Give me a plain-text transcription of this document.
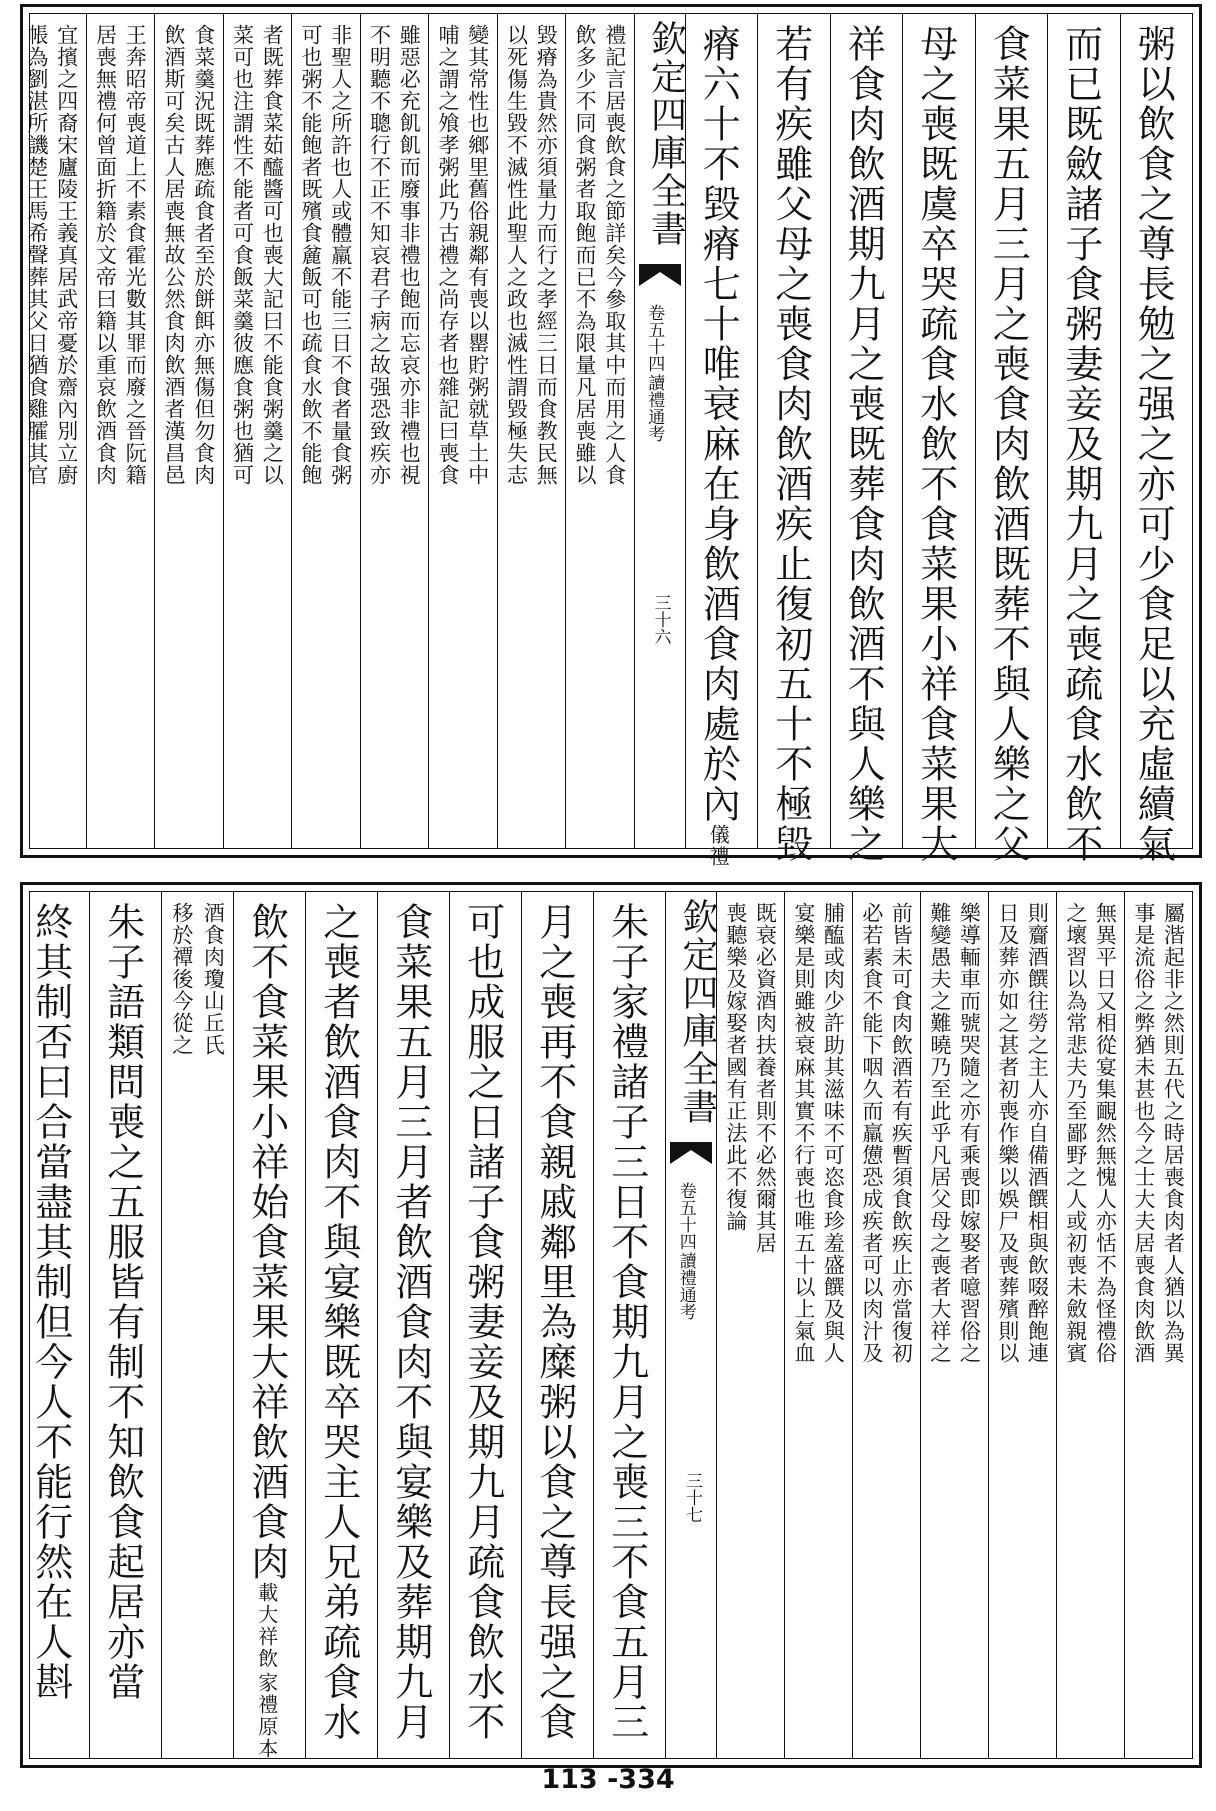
粥以飲食之尊長勉之强之亦可少食足以充虛續氣
而已既斂諸子食粥妻妾及期九月之喪疏食水飲不
食菜果五月三月之喪食肉飲酒既葬不與人樂之父
母之喪既虞卒哭疏食水飲不食菜果小祥食菜果大
祥食肉飲酒期九月之喪既葬食肉飲酒不與人樂之
若有疾雖父母之喪食肉飲酒疾止復初五十不極毀
瘠六十不毀瘠七十唯衰麻在身飲酒食肉處於內
儀禮
欽定四庫全書
讀禮通考
卷五十四
三十六
禮記言居喪飲食之節詳矣今參取其中而用之人食
飲多少不同食粥者取飽而已不為限量凡居喪雖以
毀瘠為貴然亦須量力而行之孝經三日而食教民無
以死傷生毀不滅性此聖人之政也滅性謂毀極失志
變其常性也鄉里舊俗親鄰有喪以罌貯粥就草土中
哺之謂之飧孝粥此乃古禮之尚存者也雜記曰喪食
雖惡必充飢飢而廢事非禮也飽而忘哀亦非禮也視
不明聽不聰行不正不知哀君子病之故强恐致疾亦
非聖人之所許也人或體羸不能三日不食者量食粥
可也粥不能飽者既殯食麄飯可也疏食水飲不能飽
者既葬食菜茹醯醬可也喪大記曰不能食粥羹之以
菜可也注謂性不能者可食飯菜羹彼應食粥也猶可
食菜羹況既葬應疏食者至於餅餌亦無傷但勿食肉
飲酒斯可矣古人居喪無故公然食肉飲酒者漢昌邑
王奔昭帝喪道上不素食霍光數其罪而廢之晉阮籍
居喪無禮何曾面折籍於文帝曰籍以重哀飲酒食肉
宜擯之四裔宋廬陵王義真居武帝憂於齋內別立廚
帳為劉湛所譏楚王馬希聲葬其父日猶食雞臛其官
屬湝起非之然則五代之時居喪食肉者人猶以為異
事是流俗之弊猶未甚也今之士大夫居喪食肉飲酒
無異平日又相從宴集靦然無愧人亦恬不為怪禮俗
之壞習以為常悲夫乃至鄙野之人或初喪未斂親賓
則齎酒饌往勞之主人亦自備酒饌相與飲啜醉飽連
日及葬亦如之甚者初喪作樂以娛尸及喪葬殯則以
樂導輀車而號哭隨之亦有乘喪即嫁娶者噫習俗之
難變愚夫之難曉乃至此乎凡居父母之喪者大祥之
前皆未可食肉飲酒若有疾暫須食飲疾止亦當復初
必若素食不能下咽久而羸憊恐成疾者可以肉汁及
脯醢或肉少許助其滋味不可恣食珍羞盛饌及與人
宴樂是則雖被衰麻其實不行喪也唯五十以上氣血
既衰必資酒肉扶養者則不必然爾其居
喪聽樂及嫁娶者國有正法此不復論
欽定四庫全書
讀禮通考
卷五十四
三十七
朱子家禮諸子三日不食期九月之喪三不食五月三
月之喪再不食親戚鄰里為糜粥以食之尊長强之食
可也成服之日諸子食粥妻妾及期九月疏食飲水不
食菜果五月三月者飲酒食肉不與宴樂及葬期九月
之喪者飲酒食肉不與宴樂既卒哭主人兄弟疏食水
飲不食菜果小祥始食菜果大祥飲酒食肉
家禮原本
載大祥飲
酒食肉瓊山丘氏
移於禫後今從之
朱子語類問喪之五服皆有制不知飲食起居亦當
終其制否曰合當盡其制但今人不能行然在人斟
113 -334
